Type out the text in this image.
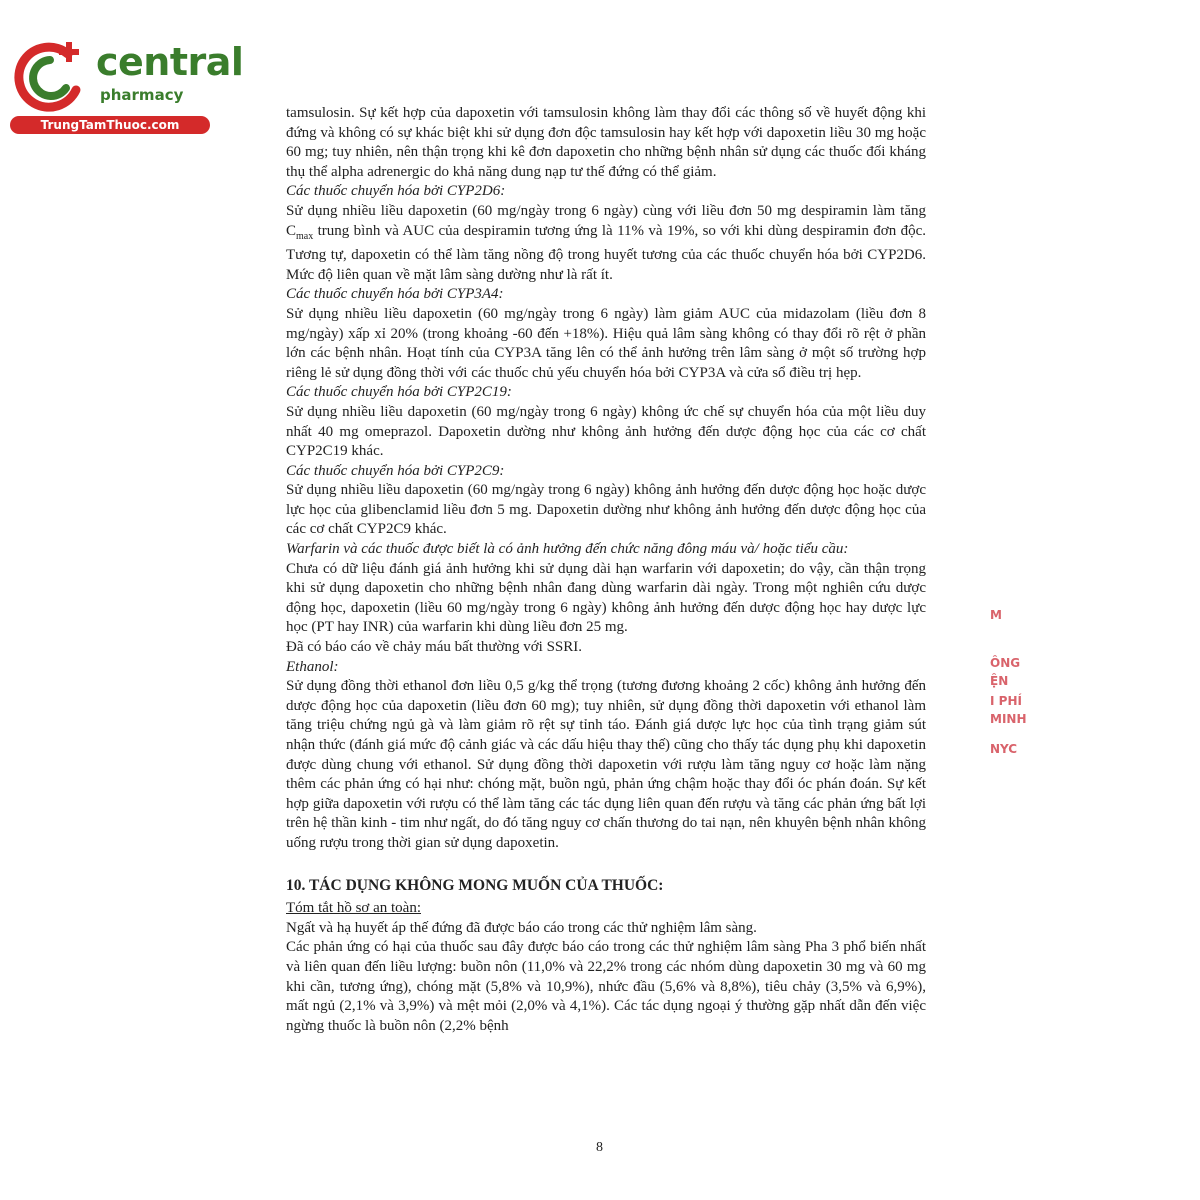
central
pharmacy
TrungTamThuoc.com

tamsulosin. Sự kết hợp của dapoxetin với tamsulosin không làm thay đổi các thông số về huyết động khi đứng và không có sự khác biệt khi sử dụng đơn độc tamsulosin hay kết hợp với dapoxetin liều 30 mg hoặc 60 mg; tuy nhiên, nên thận trọng khi kê đơn dapoxetin cho những bệnh nhân sử dụng các thuốc đối kháng thụ thể alpha adrenergic do khả năng dung nạp tư thế đứng có thể giảm.

Các thuốc chuyển hóa bởi CYP2D6:

Sử dụng nhiều liều dapoxetin (60 mg/ngày trong 6 ngày) cùng với liều đơn 50 mg despiramin làm tăng $C_{max}$ trung bình và AUC của despiramin tương ứng là 11% và 19%, so với khi dùng despiramin đơn độc. Tương tự, dapoxetin có thể làm tăng nồng độ trong huyết tương của các thuốc chuyển hóa bởi CYP2D6. Mức độ liên quan về mặt lâm sàng dường như là rất ít.

Các thuốc chuyển hóa bởi CYP3A4:

Sử dụng nhiều liều dapoxetin (60 mg/ngày trong 6 ngày) làm giảm AUC của midazolam (liều đơn 8 mg/ngày) xấp xỉ 20% (trong khoảng -60 đến +18%). Hiệu quả lâm sàng không có thay đổi rõ rệt ở phần lớn các bệnh nhân. Hoạt tính của CYP3A tăng lên có thể ảnh hưởng trên lâm sàng ở một số trường hợp riêng lẻ sử dụng đồng thời với các thuốc chủ yếu chuyển hóa bởi CYP3A và cửa sổ điều trị hẹp.

Các thuốc chuyển hóa bởi CYP2C19:

Sử dụng nhiều liều dapoxetin (60 mg/ngày trong 6 ngày) không ức chế sự chuyển hóa của một liều duy nhất 40 mg omeprazol. Dapoxetin dường như không ảnh hưởng đến dược động học của các cơ chất CYP2C19 khác.

Các thuốc chuyển hóa bởi CYP2C9:

Sử dụng nhiều liều dapoxetin (60 mg/ngày trong 6 ngày) không ảnh hưởng đến dược động học hoặc dược lực học của glibenclamid liều đơn 5 mg. Dapoxetin dường như không ảnh hưởng đến dược động học của các cơ chất CYP2C9 khác.

Warfarin và các thuốc được biết là có ảnh hưởng đến chức năng đông máu và/ hoặc tiểu cầu:

Chưa có dữ liệu đánh giá ảnh hưởng khi sử dụng dài hạn warfarin với dapoxetin; do vậy, cần thận trọng khi sử dụng dapoxetin cho những bệnh nhân đang dùng warfarin dài ngày. Trong một nghiên cứu dược động học, dapoxetin (liều 60 mg/ngày trong 6 ngày) không ảnh hưởng đến dược động học hay dược lực học (PT hay INR) của warfarin khi dùng liều đơn 25 mg.

Đã có báo cáo về chảy máu bất thường với SSRI.

Ethanol:

Sử dụng đồng thời ethanol đơn liều 0,5 g/kg thể trọng (tương đương khoảng 2 cốc) không ảnh hưởng đến dược động học của dapoxetin (liều đơn 60 mg); tuy nhiên, sử dụng đồng thời dapoxetin với ethanol làm tăng triệu chứng ngủ gà và làm giảm rõ rệt sự tỉnh táo. Đánh giá dược lực học của tình trạng giảm sút nhận thức (đánh giá mức độ cảnh giác và các dấu hiệu thay thế) cũng cho thấy tác dụng phụ khi dapoxetin được dùng chung với ethanol. Sử dụng đồng thời dapoxetin với rượu làm tăng nguy cơ hoặc làm nặng thêm các phản ứng có hại như: chóng mặt, buồn ngủ, phản ứng chậm hoặc thay đổi óc phán đoán. Sự kết hợp giữa dapoxetin với rượu có thể làm tăng các tác dụng liên quan đến rượu và tăng các phản ứng bất lợi trên hệ thần kinh - tim như ngất, do đó tăng nguy cơ chấn thương do tai nạn, nên khuyên bệnh nhân không uống rượu trong thời gian sử dụng dapoxetin.

10. TÁC DỤNG KHÔNG MONG MUỐN CỦA THUỐC:

Tóm tắt hồ sơ an toàn:

Ngất và hạ huyết áp thế đứng đã được báo cáo trong các thử nghiệm lâm sàng.

Các phản ứng có hại của thuốc sau đây được báo cáo trong các thử nghiệm lâm sàng Pha 3 phổ biến nhất và liên quan đến liều lượng: buồn nôn (11,0% và 22,2% trong các nhóm dùng dapoxetin 30 mg và 60 mg khi cần, tương ứng), chóng mặt (5,8% và 10,9%), nhức đầu (5,6% và 8,8%), tiêu chảy (3,5% và 6,9%), mất ngủ (2,1% và 3,9%) và mệt mỏi (2,0% và 4,1%). Các tác dụng ngoại ý thường gặp nhất dẫn đến việc ngừng thuốc là buồn nôn (2,2% bệnh

M
ÔNG
ỆN
I PHÍ
MINH
NYC
8
